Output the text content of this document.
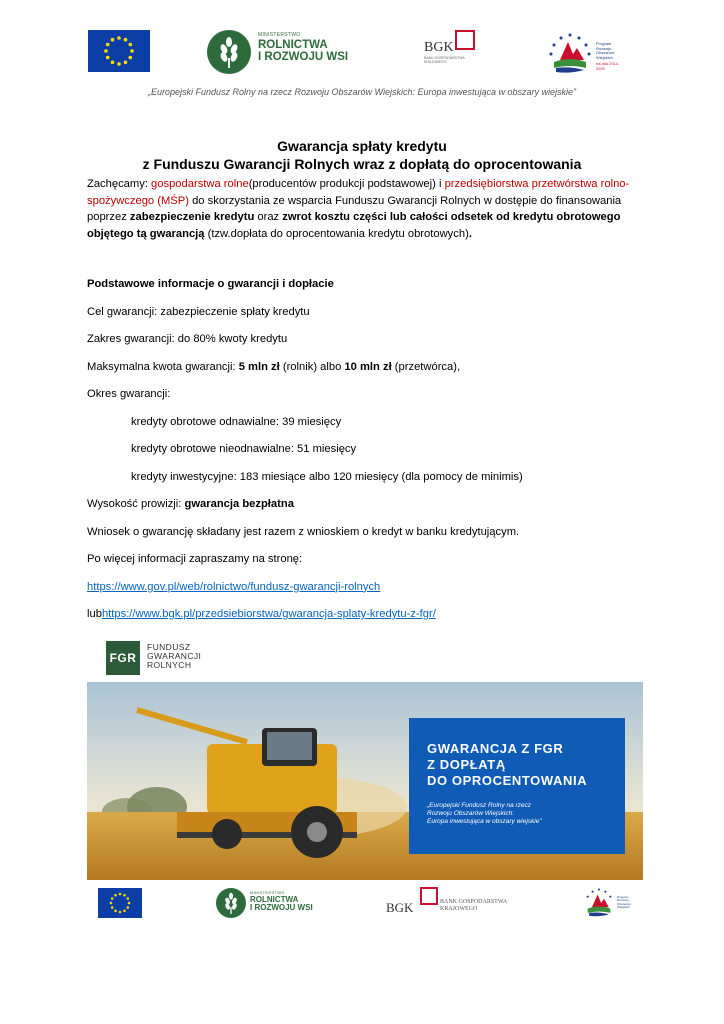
MINISTERSTWO
ROLNICTWA
I ROZWOJU WSI
BGK
BANK GOSPODARSTWA KRAJOWEGO
Program Rozwoju Obszarów Wiejskich
na lata 2014-2020
„Europejski Fundusz Rolny na rzecz Rozwoju Obszarów Wiejskich: Europa inwestująca w obszary wiejskie”
Gwarancja spłaty kredytu
z Funduszu Gwarancji Rolnych wraz z dopłatą do oprocentowania

Zachęcamy: gospodarstwa rolne(producentów produkcji podstawowej) i przedsiębiorstwa przetwórstwa rolno-spożywczego (MŚP) do skorzystania ze wsparcia Funduszu Gwarancji Rolnych w dostępie do finansowania poprzez zabezpieczenie kredytu oraz zwrot kosztu części lub całości odsetek od kredytu obrotowego objętego tą gwarancją (tzw.dopłata do oprocentowania kredytu obrotowych).

Podstawowe informacje o gwarancji i dopłacie

Cel gwarancji: zabezpieczenie spłaty kredytu

Zakres gwarancji: do 80% kwoty kredytu

Maksymalna kwota gwarancji: 5 mln zł (rolnik) albo 10 mln zł (przetwórca),

Okres gwarancji:

kredyty obrotowe odnawialne: 39 miesięcy

kredyty obrotowe nieodnawialne: 51 miesięcy

kredyty inwestycyjne: 183 miesiące albo 120 miesięcy (dla pomocy de minimis)

Wysokość prowizji: gwarancja bezpłatna

Wniosek o gwarancję składany jest razem z wnioskiem o kredyt w banku kredytującym.

Po więcej informacji zapraszamy na stronę:

https://www.gov.pl/web/rolnictwo/fundusz-gwarancji-rolnych

lubhttps://www.bgk.pl/przedsiebiorstwa/gwarancja-splaty-kredytu-z-fgr/

FGR
FUNDUSZ
GWARANCJI
ROLNYCH
GWARANCJA Z FGR
Z DOPŁATĄ
DO OPROCENTOWANIA
„Europejski Fundusz Rolny na rzecz
Rozwoju Obszarów Wiejskich:
Europa inwestująca w obszary wiejskie”
MINISTERSTWO
ROLNICTWA
I ROZWOJU WSI	BGK	BANK GOSPODARSTWA
KRAJOWEGO
Program Rozwoju Obszarów Wiejskich
